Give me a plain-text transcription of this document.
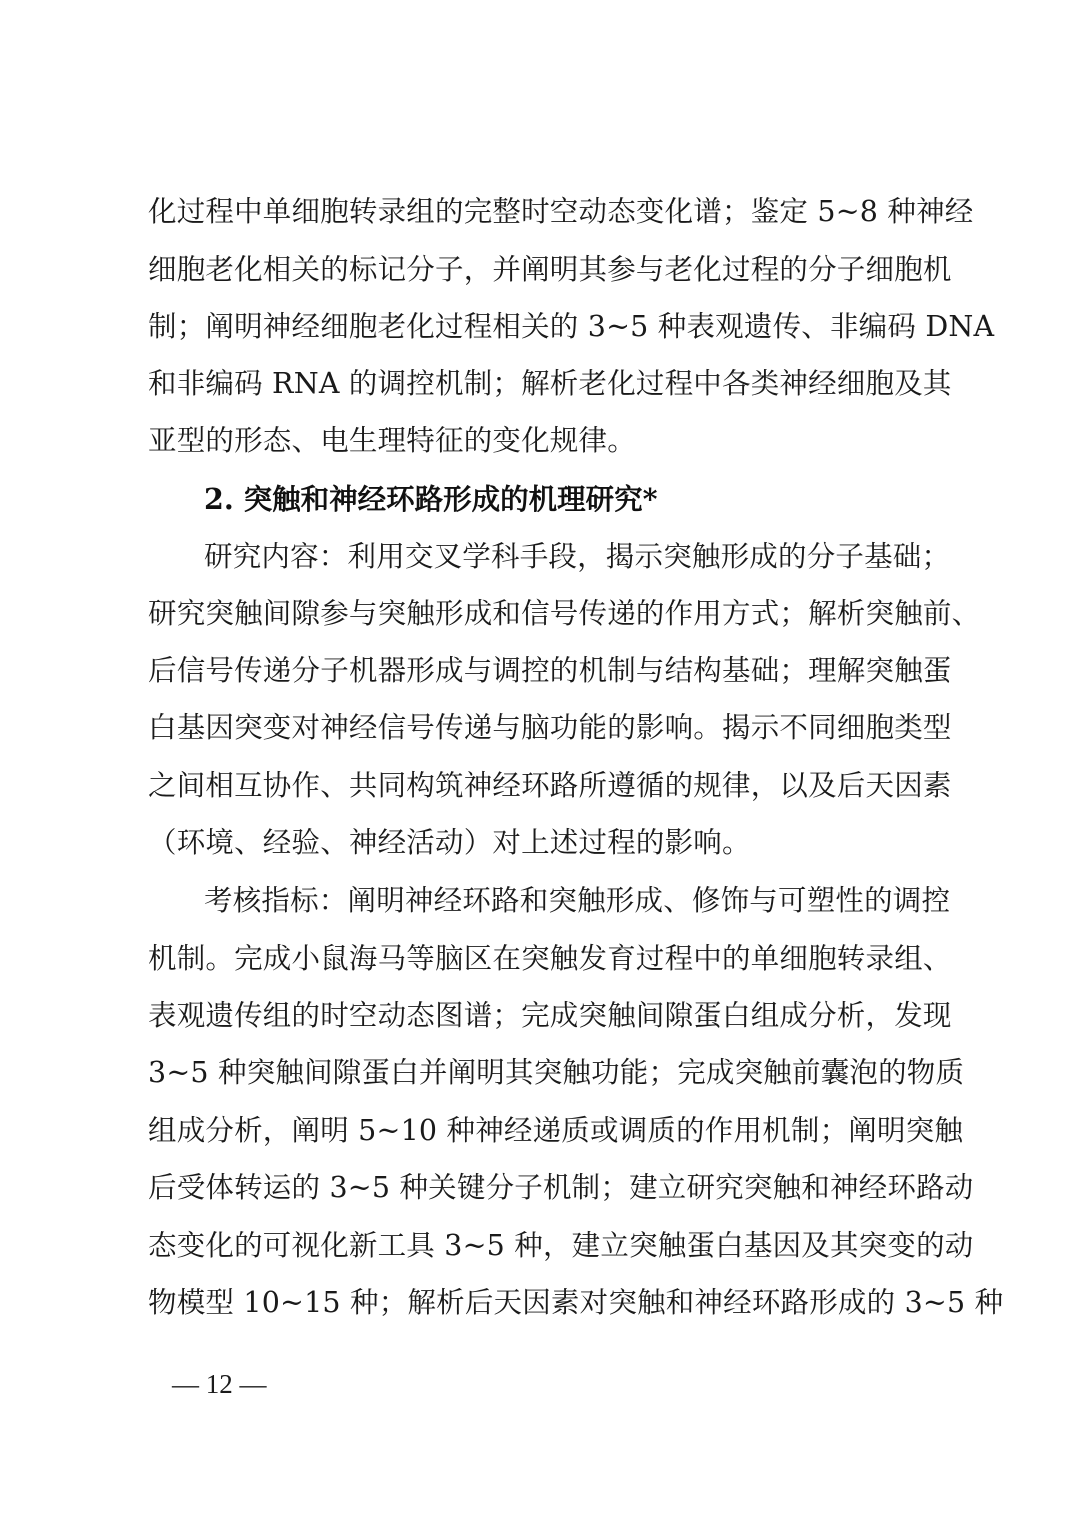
化过程中单细胞转录组的完整时空动态变化谱；鉴定 5~8 种神经
细胞老化相关的标记分子，并阐明其参与老化过程的分子细胞机
制；阐明神经细胞老化过程相关的 3~5 种表观遗传、非编码 DNA
和非编码 RNA 的调控机制；解析老化过程中各类神经细胞及其
亚型的形态、电生理特征的变化规律。
2. 突触和神经环路形成的机理研究*
研究内容：利用交叉学科手段，揭示突触形成的分子基础；
研究突触间隙参与突触形成和信号传递的作用方式；解析突触前、
后信号传递分子机器形成与调控的机制与结构基础；理解突触蛋
白基因突变对神经信号传递与脑功能的影响。揭示不同细胞类型
之间相互协作、共同构筑神经环路所遵循的规律，以及后天因素
（环境、经验、神经活动）对上述过程的影响。
考核指标：阐明神经环路和突触形成、修饰与可塑性的调控
机制。完成小鼠海马等脑区在突触发育过程中的单细胞转录组、
表观遗传组的时空动态图谱；完成突触间隙蛋白组成分析，发现
3~5 种突触间隙蛋白并阐明其突触功能；完成突触前囊泡的物质
组成分析，阐明 5~10 种神经递质或调质的作用机制；阐明突触
后受体转运的 3~5 种关键分子机制；建立研究突触和神经环路动
态变化的可视化新工具 3~5 种，建立突触蛋白基因及其突变的动
物模型 10~15 种；解析后天因素对突触和神经环路形成的 3~5 种
— 12 —
